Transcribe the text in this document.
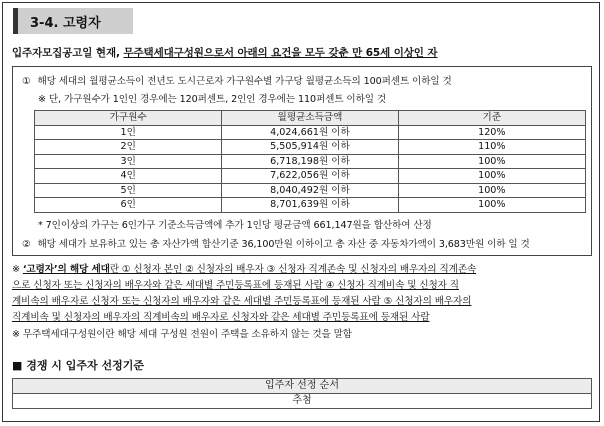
3-4. 고령자
입주자모집공고일 현재, 무주택세대구성원으로서 아래의 요건을 모두 갖춘 만 65세 이상인 자
① 해당 세대의 월평균소득이 전년도 도시근로자 가구원수별 가구당 월평균소득의 100퍼센트 이하일 것
※ 단, 가구원수가 1인인 경우에는 120퍼센트, 2인인 경우에는 110퍼센트 이하일 것
가구원수	월평균소득금액	기준
1인	4,024,661원 이하	120%
2인	5,505,914원 이하	110%
3인	6,718,198원 이하	100%
4인	7,622,056원 이하	100%
5인	8,040,492원 이하	100%
6인	8,701,639원 이하	100%
* 7인이상의 가구는 6인가구 기준소득금액에 추가 1인당 평균금액 661,147원을 합산하여 산정
② 해당 세대가 보유하고 있는 총 자산가액 합산기준 36,100만원 이하이고 총 자산 중 자동차가액이 3,683만원 이하 일 것
※ ‘고령자’의 해당 세대란 ① 신청자 본인 ② 신청자의 배우자 ③ 신청자 직계존속 및 신청자의 배우자의 직계존속
으로 신청자 또는 신청자의 배우자와 같은 세대별 주민등록표에 등재된 사람 ④ 신청자 직계비속 및 신청자 직
계비속의 배우자로 신청자 또는 신청자의 배우자와 같은 세대별 주민등록표에 등재된 사람 ⑤ 신청자의 배우자의
직계비속 및 신청자의 배우자의 직계비속의 배우자로 신청자와 같은 세대별 주민등록표에 등재된 사람
※ 무주택세대구성원이란 해당 세대 구성원 전원이 주택을 소유하지 않는 것을 말함
■ 경쟁 시 입주자 선정기준
입주자 선정 순서
추첨
